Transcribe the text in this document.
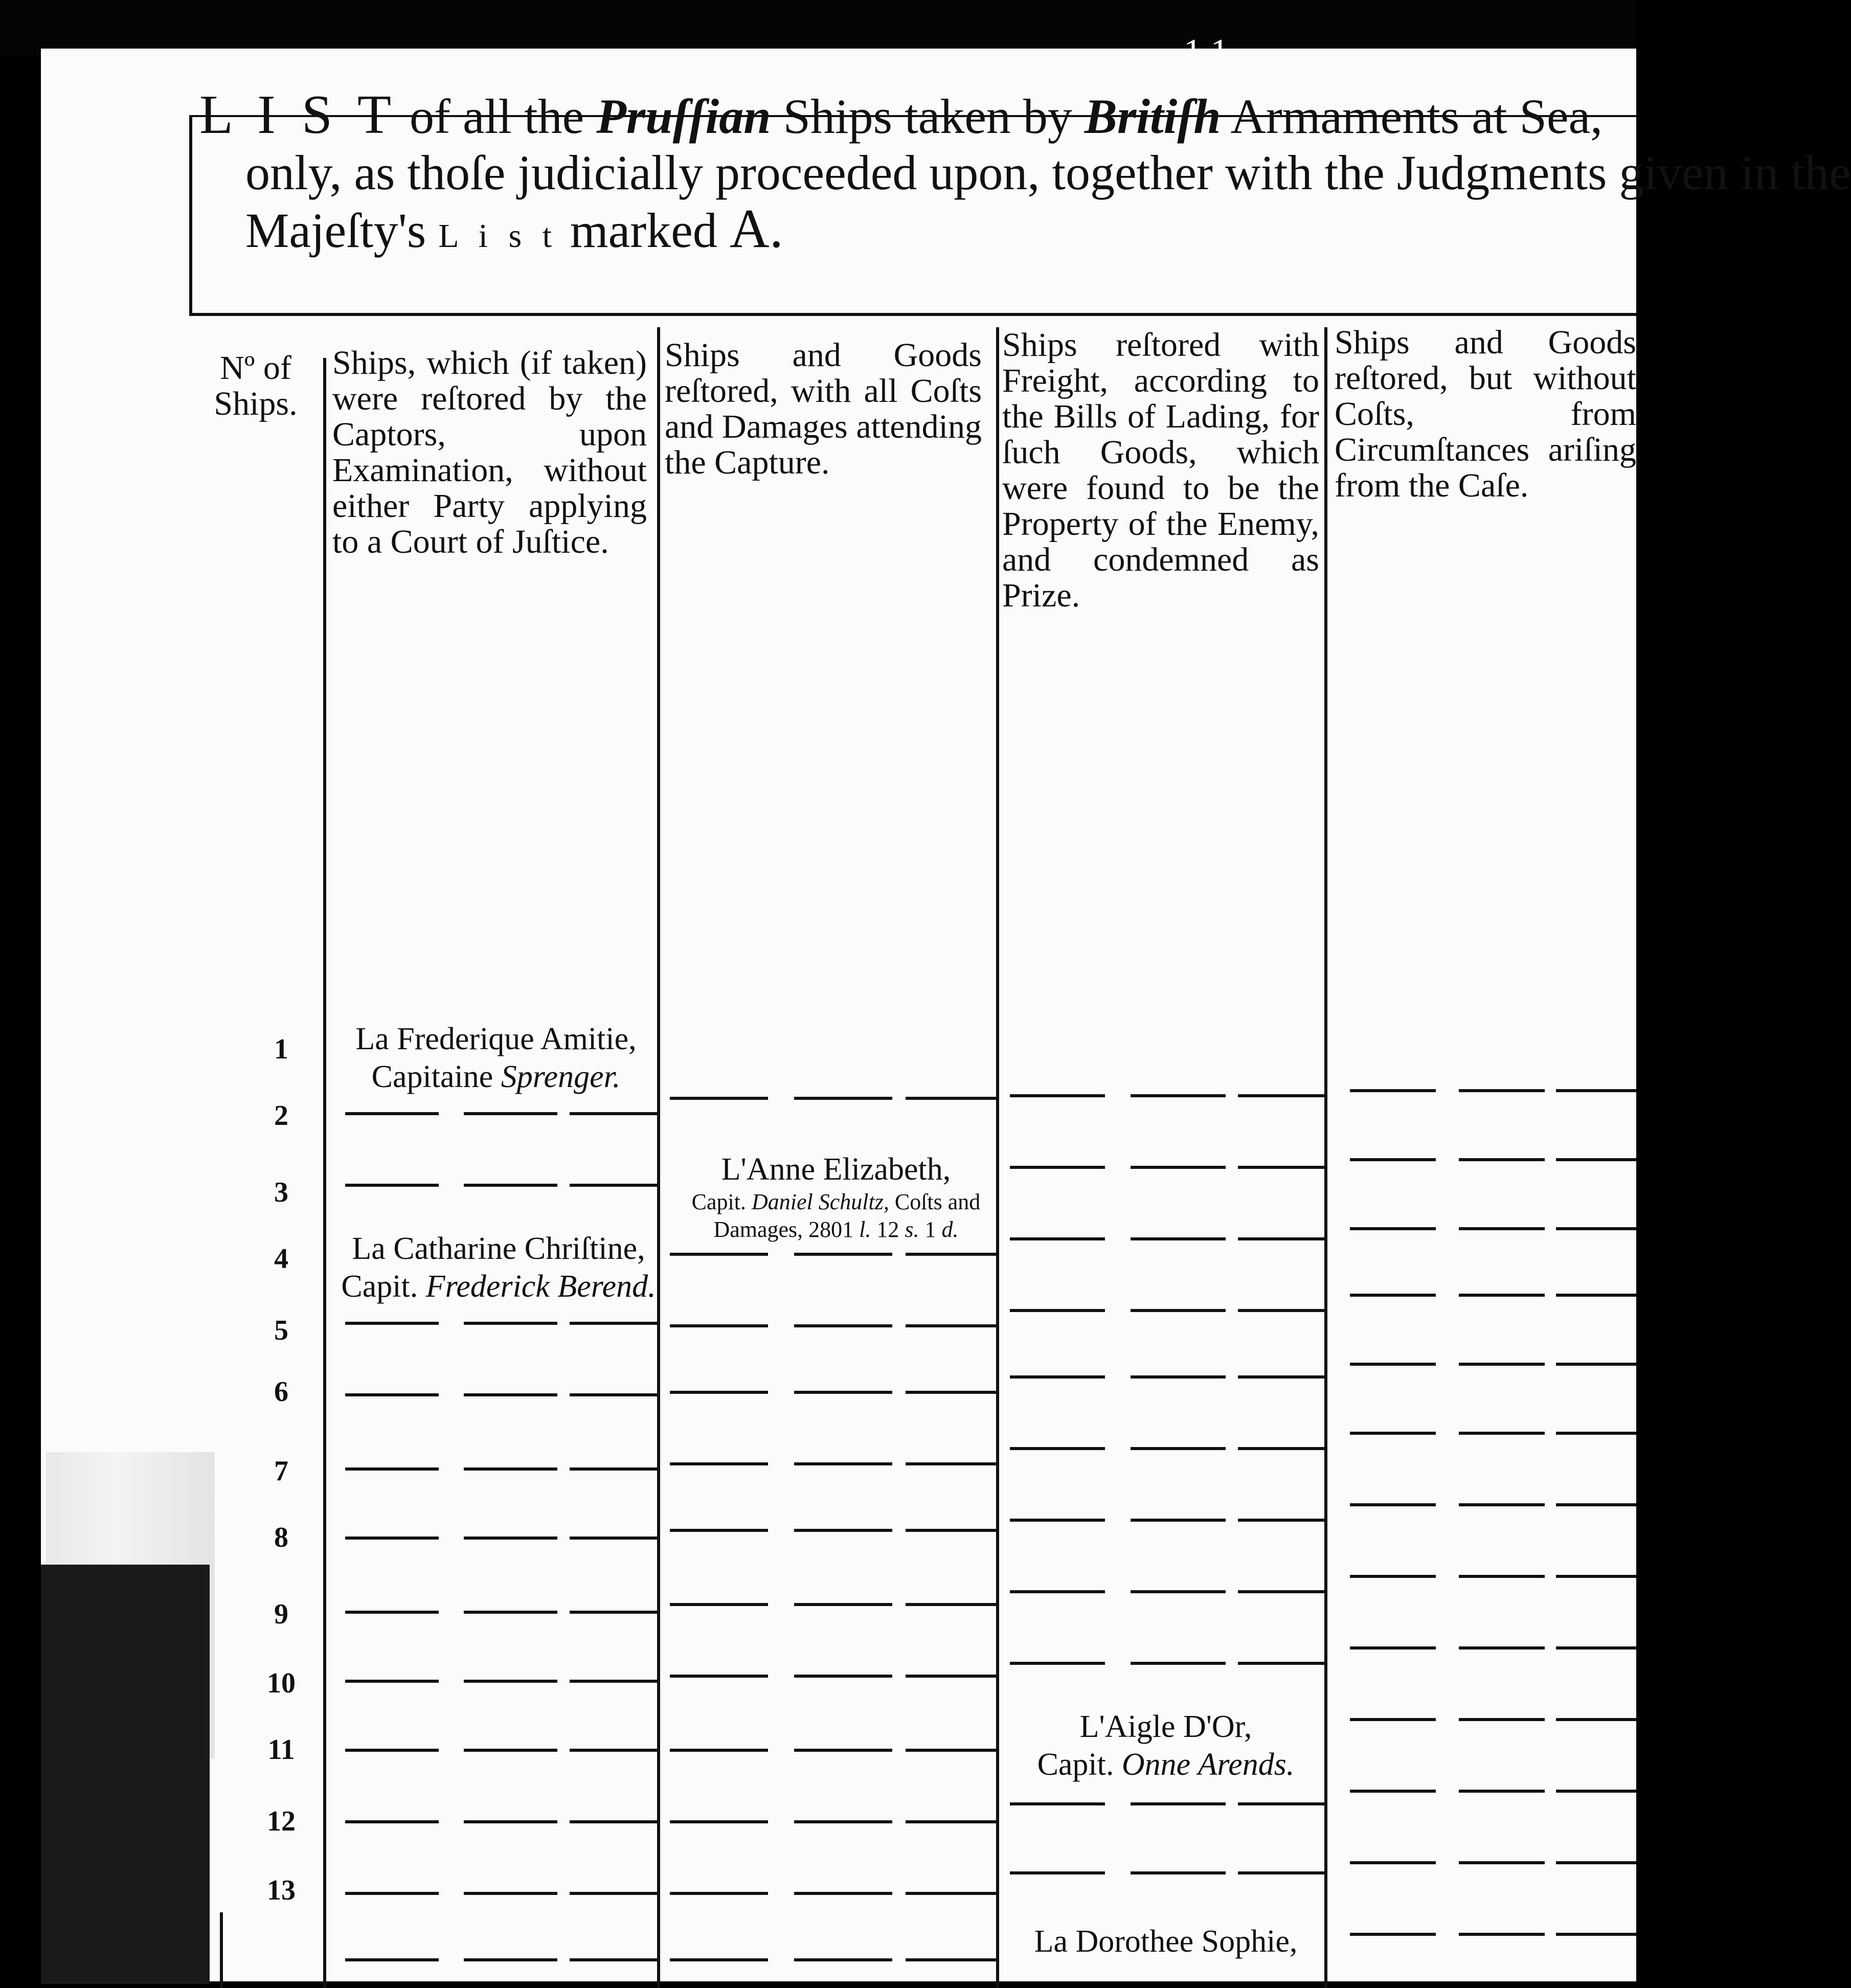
L I S T of all the Pruſſian Ships taken by Britiſh Armaments at Sea,
only, as thoſe judicially proceeded upon, together with the Judgments given in the
Majeſty's L i s t marked A.
Nº of Ships.
Ships, which (if taken) were reſtored by the Captors, upon Examination, without either Party applying to a Court of Juſtice.
Ships and Goods reſtored, with all Coſts and Damages attending the Capture.
Ships reſtored with Freight, according to the Bills of Lading, for ſuch Goods, which were found to be the Property of the Enemy, and condemned as Prize.
Ships and Goods reſtored, but without Coſts, from Circumſtances ariſing from the Caſe.
1
2
3
4
5
6
7
8
9
10
11
12
13
La Frederique Amitie,
Capitaine Sprenger.
L'Anne Elizabeth,
Capit. Daniel Schultz, Coſts and
Damages, 2801 l. 12 s. 1 d.
La Catharine Chriſtine,
Capit. Frederick Berend.
L'Aigle D'Or,
Capit. Onne Arends.
La Dorothee Sophie,
